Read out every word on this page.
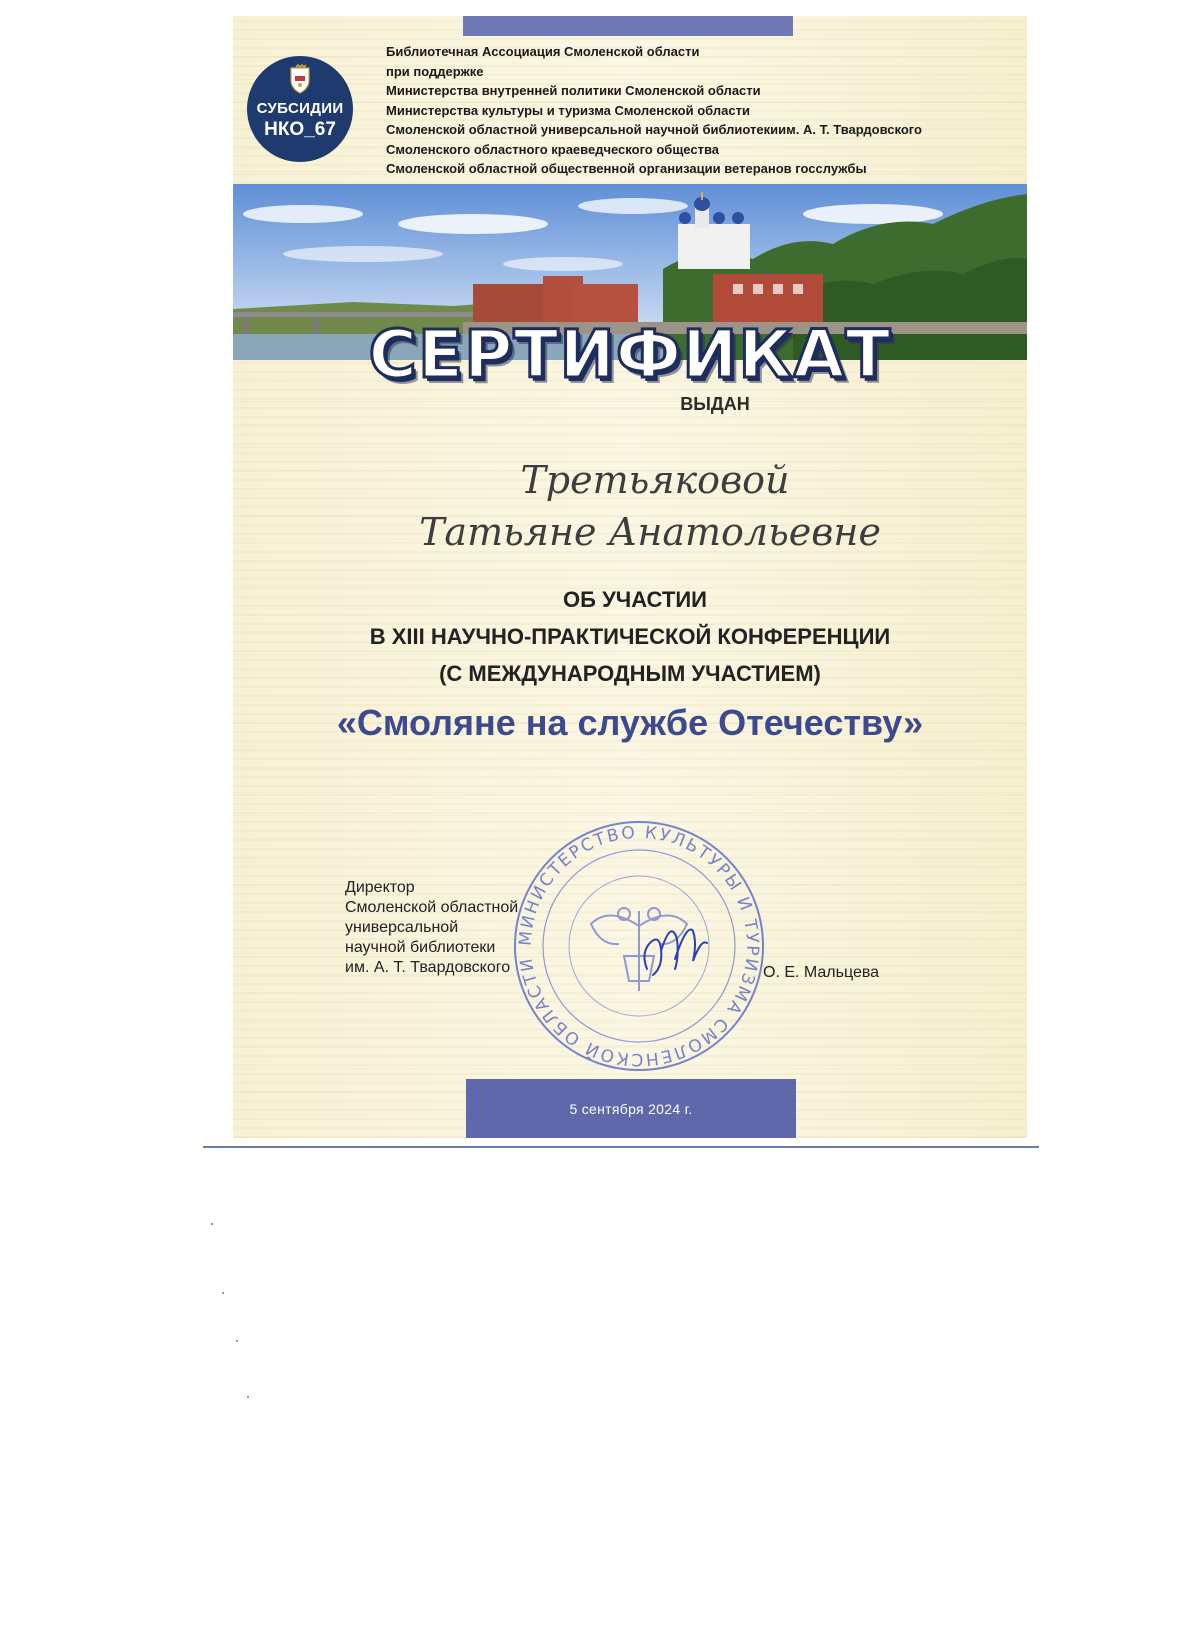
СУБСИДИИ
НКО_67
Библиотечная Ассоциация Смоленской области
при поддержке
Министерства внутренней политики Смоленской области
Министерства культуры и туризма Смоленской области
Смоленской областной универсальной научной библиотекиим. А. Т. Твардовского
Смоленского областного краеведческого общества
Смоленской областной общественной организации ветеранов госслужбы
СЕРТИФИКАТ
ВЫДАН
Третьяковой
Татьяне Анатольевне
ОБ УЧАСТИИ
В XIII НАУЧНО-ПРАКТИЧЕСКОЙ КОНФЕРЕНЦИИ
(С МЕЖДУНАРОДНЫМ УЧАСТИЕМ)
«Смоляне на службе Отечеству»
МИНИСТЕРСТВО КУЛЬТУРЫ И ТУРИЗМА СМОЛЕНСКОЙ ОБЛАСТИ
Директор
Смоленской областной
универсальной
научной библиотеки
им. А. Т. Твардовского	О. Е. Мальцева
5 сентября 2024 г.
